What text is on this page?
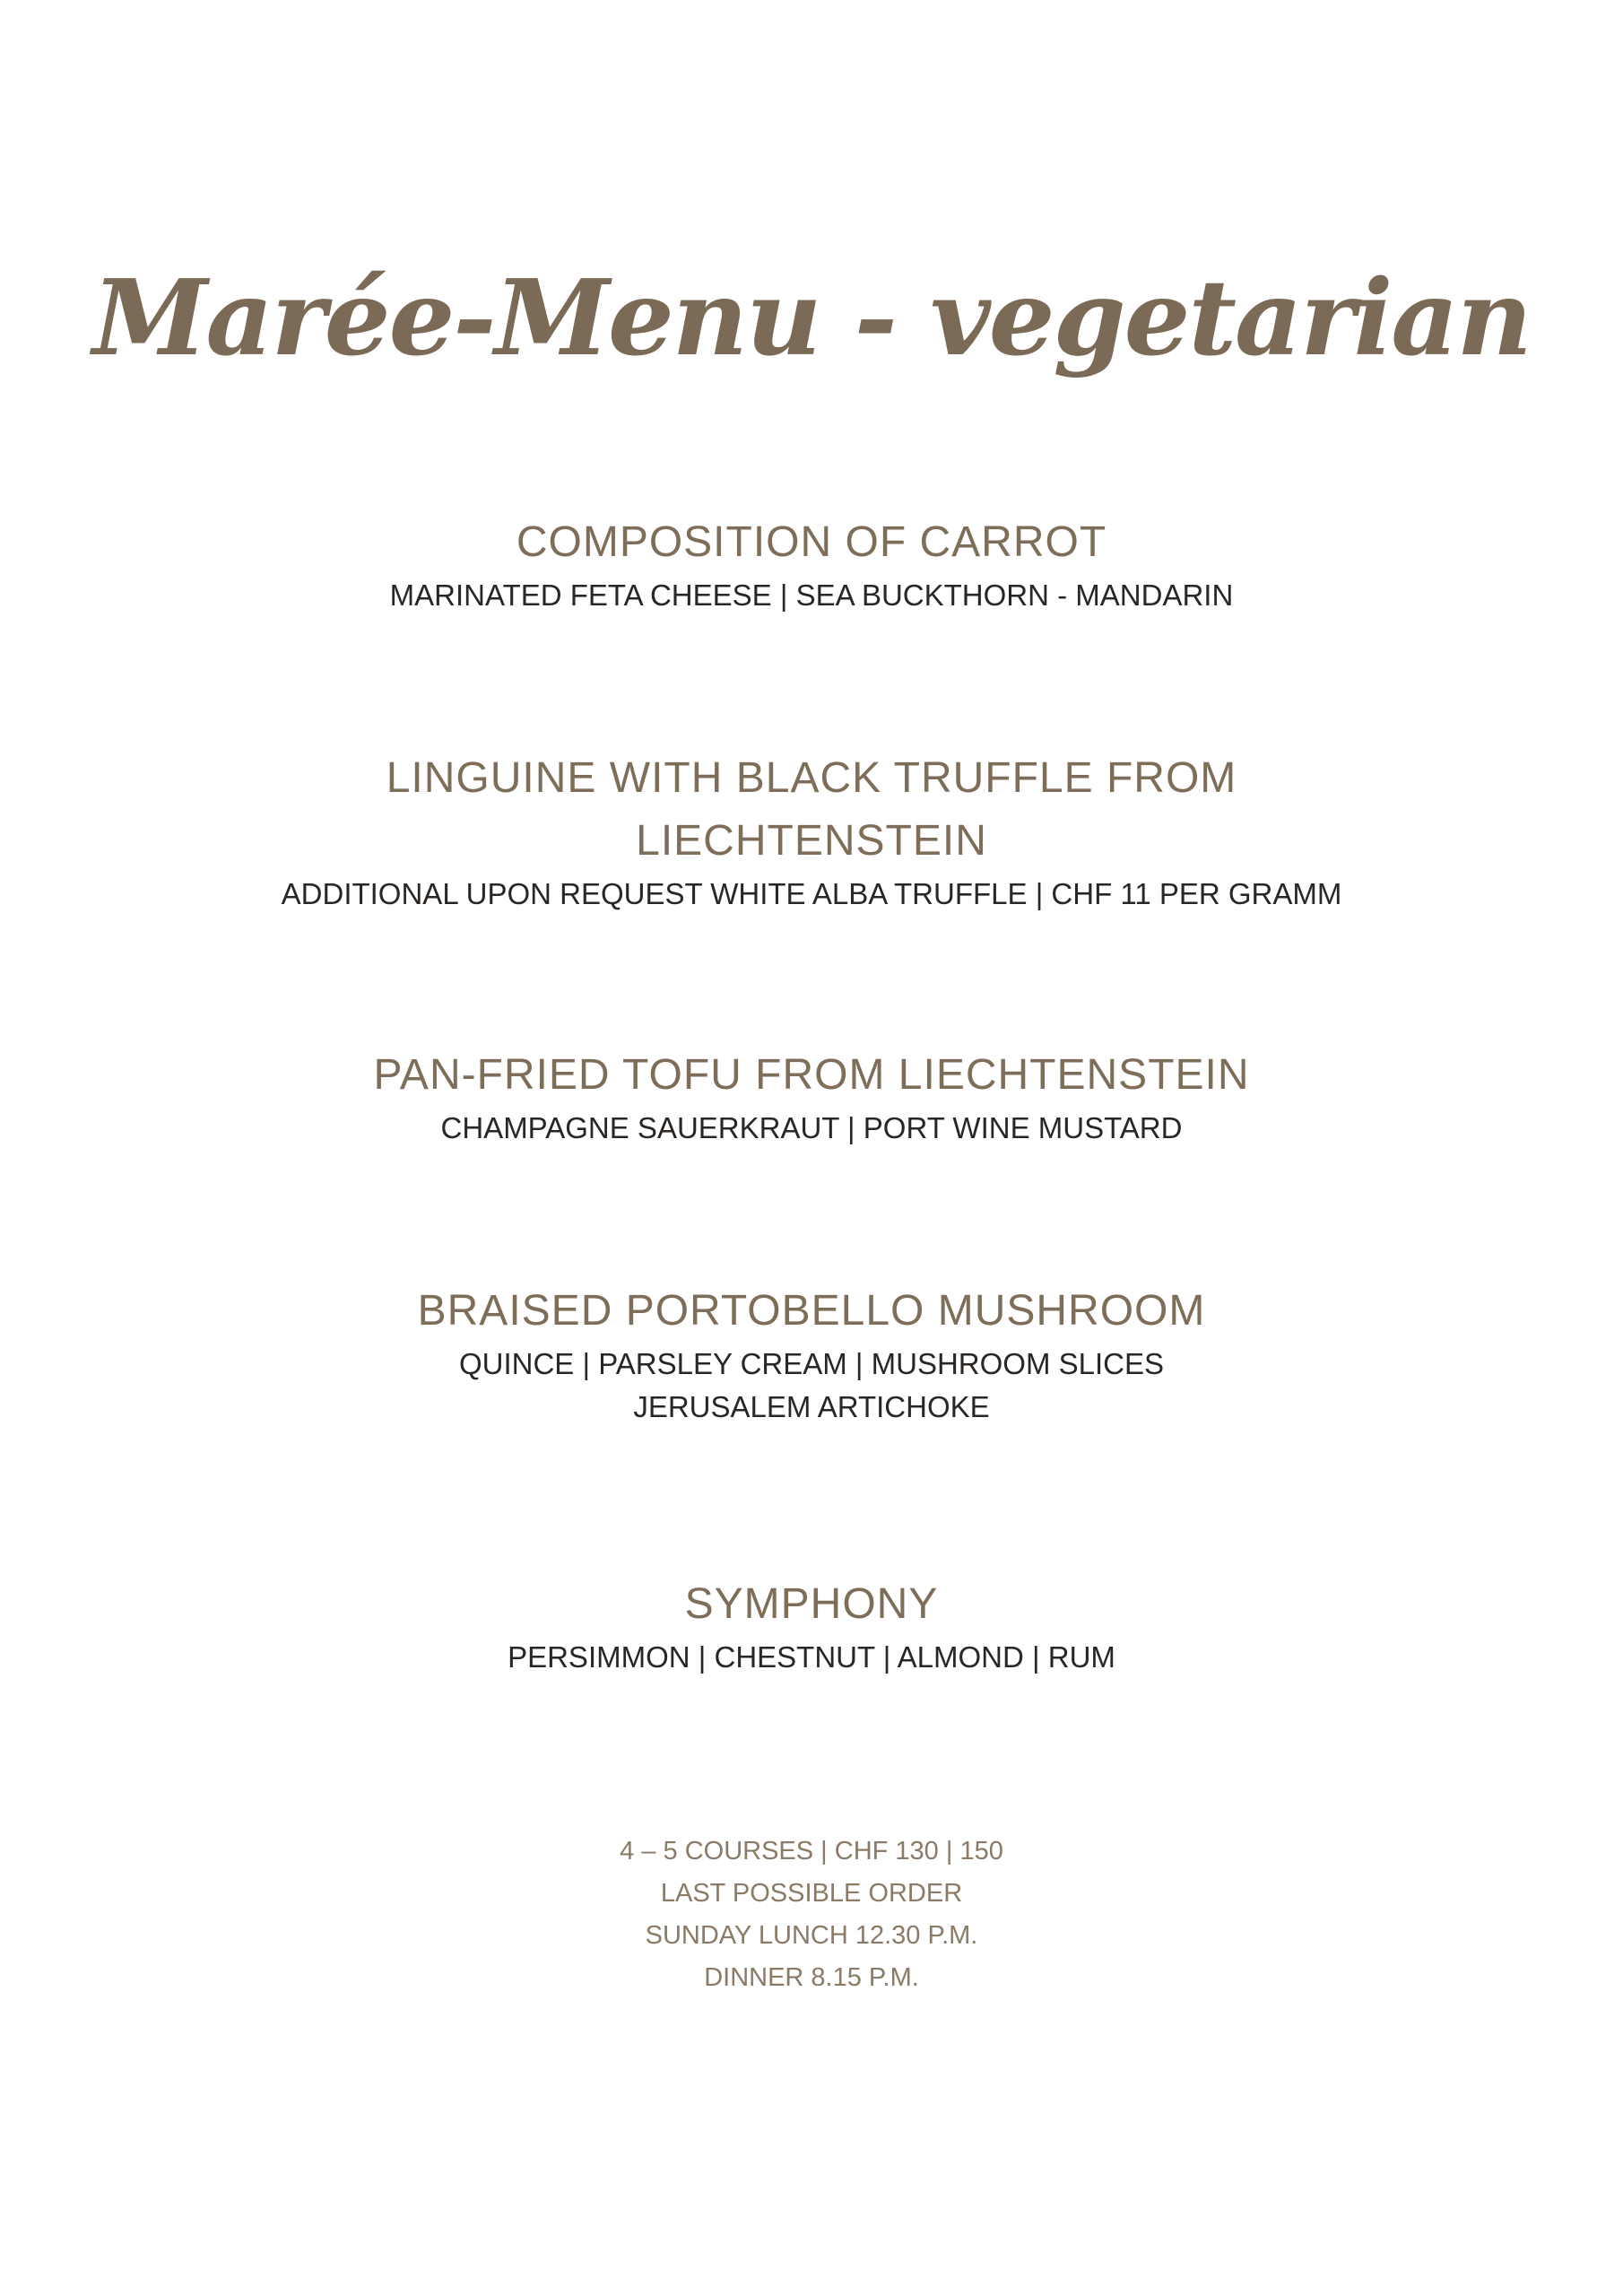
Marée-Menu - vegetarian

COMPOSITION OF CARROT

MARINATED FETA CHEESE | SEA BUCKTHORN - MANDARIN

LINGUINE WITH BLACK TRUFFLE FROM

LIECHTENSTEIN

ADDITIONAL UPON REQUEST WHITE ALBA TRUFFLE | CHF 11 PER GRAMM

PAN-FRIED TOFU FROM LIECHTENSTEIN

CHAMPAGNE SAUERKRAUT | PORT WINE MUSTARD

BRAISED PORTOBELLO MUSHROOM

QUINCE | PARSLEY CREAM | MUSHROOM SLICES

JERUSALEM ARTICHOKE

SYMPHONY

PERSIMMON | CHESTNUT | ALMOND | RUM

4 – 5 COURSES | CHF 130 | 150

LAST POSSIBLE ORDER

SUNDAY LUNCH 12.30 P.M.

DINNER 8.15 P.M.
